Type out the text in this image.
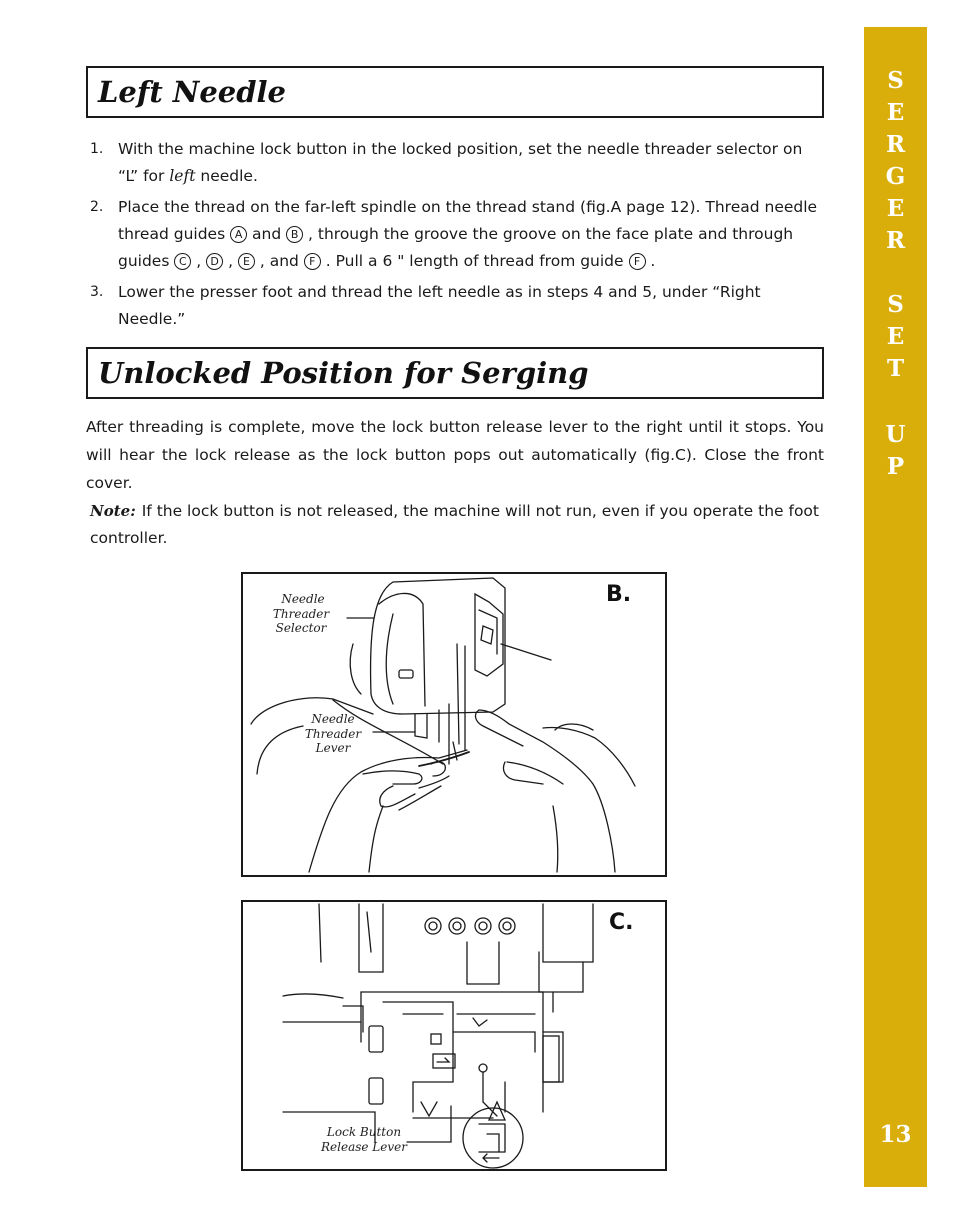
Left Needle
1. With the machine lock button in the locked position, set the needle threader selector on “L” for left needle.
2. Place the thread on the far-left spindle on the thread stand (fig.A page 12). Thread needle thread guides A and B , through the groove the groove on the face plate and through guides C , D , E , and F . Pull a 6 " length of thread from guide F .
3. Lower the presser foot and thread the left needle as in steps 4 and 5, under “Right Needle.”
Unlocked Position for Serging

After threading is complete, move the lock button release lever to the right until it stops. You will hear the lock release as the lock button pops out automatically (fig.C). Close the front cover.

Note: If the lock button is not released, the machine will not run, even if you operate the foot controller.

B.
Needle
Threader Selector
Needle
Threader Lever
C.
Lock Button
Release Lever
S
E
R
G
E
R
S
E
T
U
P
13
